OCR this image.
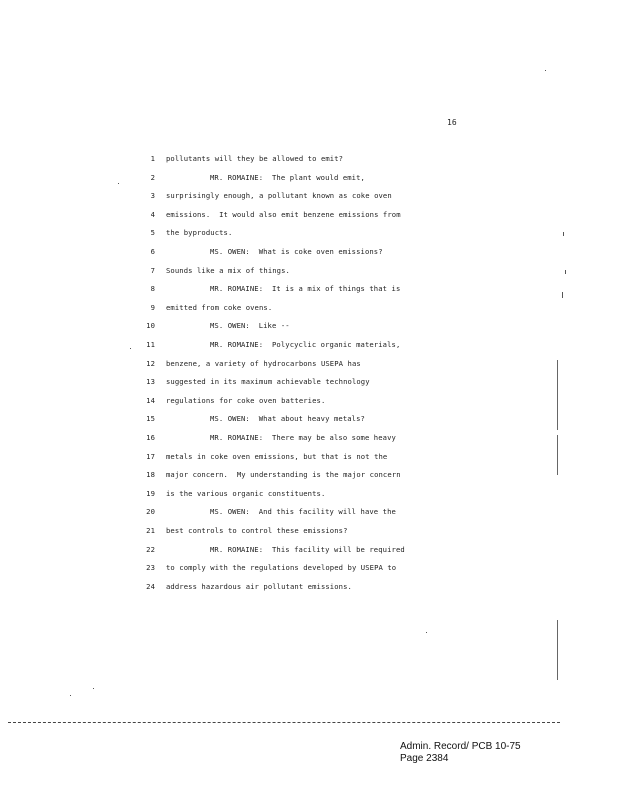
16
1 pollutants will they be allowed to emit?
2	MR. ROMAINE:  The plant would emit,
3 surprisingly enough, a pollutant known as coke oven
4 emissions.  It would also emit benzene emissions from
5 the byproducts.
6	MS. OWEN:  What is coke oven emissions?
7 Sounds like a mix of things.
8	MR. ROMAINE:  It is a mix of things that is
9 emitted from coke ovens.
10	MS. OWEN:  Like --
11	MR. ROMAINE:  Polycyclic organic materials,
12 benzene, a variety of hydrocarbons USEPA has
13 suggested in its maximum achievable technology
14 regulations for coke oven batteries.
15	MS. OWEN:  What about heavy metals?
16	MR. ROMAINE:  There may be also some heavy
17 metals in coke oven emissions, but that is not the
18 major concern.  My understanding is the major concern
19 is the various organic constituents.
20	MS. OWEN:  And this facility will have the
21 best controls to control these emissions?
22	MR. ROMAINE:  This facility will be required
23 to comply with the regulations developed by USEPA to
24 address hazardous air pollutant emissions.
Admin. Record/ PCB 10-75
Page 2384
